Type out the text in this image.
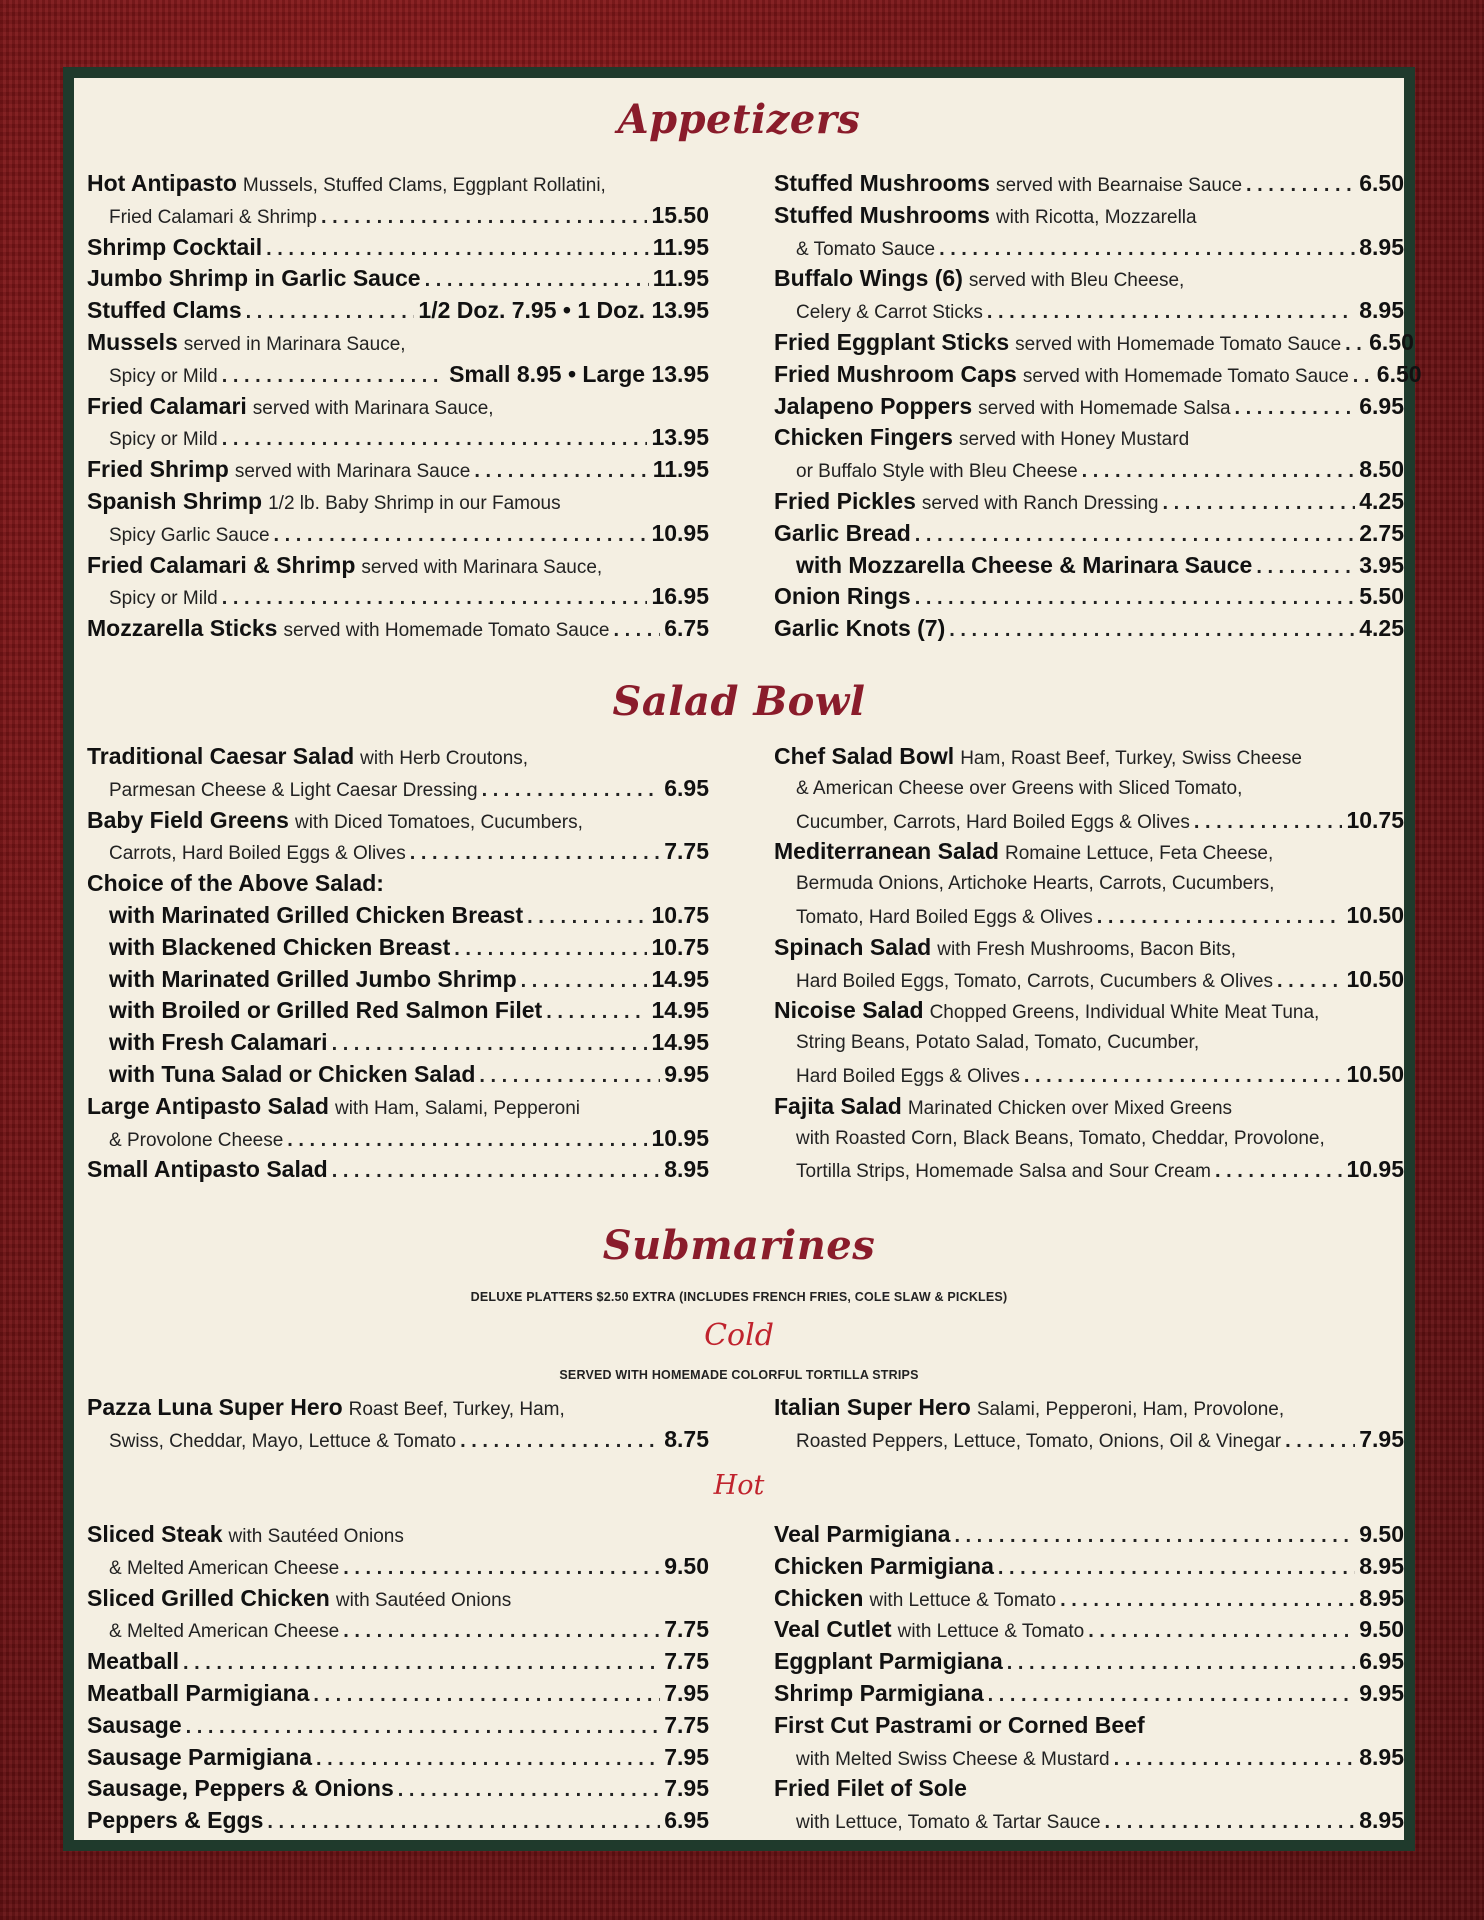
Appetizers
Hot Antipasto Mussels, Stuffed Clams, Eggplant Rollatini,
Fried Calamari & Shrimp . . .	15.50
Shrimp Cocktail . . .	11.95
Jumbo Shrimp in Garlic Sauce . . .	11.95
Stuffed Clams . . .	1/2 Doz. 7.95 • 1 Doz. 13.95
Mussels served in Marinara Sauce,
Spicy or Mild . . .	Small 8.95 • Large 13.95
Fried Calamari served with Marinara Sauce,
Spicy or Mild . . .	13.95
Fried Shrimp served with Marinara Sauce . . .	11.95
Spanish Shrimp 1/2 lb. Baby Shrimp in our Famous
Spicy Garlic Sauce . . .	10.95
Fried Calamari & Shrimp served with Marinara Sauce,
Spicy or Mild . . .	16.95
Mozzarella Sticks served with Homemade Tomato Sauce . . . 6.75
Stuffed Mushrooms served with Bearnaise Sauce . . .	6.50
Stuffed Mushrooms with Ricotta, Mozzarella
& Tomato Sauce . . .	8.95
Buffalo Wings (6) served with Bleu Cheese,
Celery & Carrot Sticks . . .	8.95
Fried Eggplant Sticks served with Homemade Tomato Sauce . . . 6.50
Fried Mushroom Caps served with Homemade Tomato Sauce . . . 6.50
Jalapeno Poppers served with Homemade Salsa . . .	6.95
Chicken Fingers served with Honey Mustard
or Buffalo Style with Bleu Cheese . . .	8.50
Fried Pickles served with Ranch Dressing . . .	4.25
Garlic Bread . . .	2.75
with Mozzarella Cheese & Marinara Sauce . . .	3.95
Onion Rings . . .	5.50
Garlic Knots (7) . . .	4.25
Salad Bowl
Traditional Caesar Salad with Herb Croutons,
Parmesan Cheese & Light Caesar Dressing . . .	6.95
Baby Field Greens with Diced Tomatoes, Cucumbers,
Carrots, Hard Boiled Eggs & Olives . . .	7.75
Choice of the Above Salad:
with Marinated Grilled Chicken Breast . . .	10.75
with Blackened Chicken Breast . . .	10.75
with Marinated Grilled Jumbo Shrimp . . .	14.95
with Broiled or Grilled Red Salmon Filet . . .	14.95
with Fresh Calamari . . .	14.95
with Tuna Salad or Chicken Salad . . .	9.95
Large Antipasto Salad with Ham, Salami, Pepperoni
& Provolone Cheese . . .	10.95
Small Antipasto Salad . . .	8.95
Chef Salad Bowl Ham, Roast Beef, Turkey, Swiss Cheese
& American Cheese over Greens with Sliced Tomato,
Cucumber, Carrots, Hard Boiled Eggs & Olives . . .	10.75
Mediterranean Salad Romaine Lettuce, Feta Cheese,
Bermuda Onions, Artichoke Hearts, Carrots, Cucumbers,
Tomato, Hard Boiled Eggs & Olives . . .	10.50
Spinach Salad with Fresh Mushrooms, Bacon Bits,
Hard Boiled Eggs, Tomato, Carrots, Cucumbers & Olives . . .	10.50
Nicoise Salad Chopped Greens, Individual White Meat Tuna,
String Beans, Potato Salad, Tomato, Cucumber,
Hard Boiled Eggs & Olives . . .	10.50
Fajita Salad Marinated Chicken over Mixed Greens
with Roasted Corn, Black Beans, Tomato, Cheddar, Provolone,
Tortilla Strips, Homemade Salsa and Sour Cream . . .	10.95
Submarines
DELUXE PLATTERS $2.50 EXTRA (INCLUDES FRENCH FRIES, COLE SLAW & PICKLES)
Cold
SERVED WITH HOMEMADE COLORFUL TORTILLA STRIPS
Pazza Luna Super Hero Roast Beef, Turkey, Ham,
Swiss, Cheddar, Mayo, Lettuce & Tomato . . .	8.75
Italian Super Hero Salami, Pepperoni, Ham, Provolone,
Roasted Peppers, Lettuce, Tomato, Onions, Oil & Vinegar . . .	7.95
Hot
Sliced Steak with Sautéed Onions
& Melted American Cheese . . .	9.50
Sliced Grilled Chicken with Sautéed Onions
& Melted American Cheese . . .	7.75
Meatball . . .	7.75
Meatball Parmigiana . . .	7.95
Sausage . . .	7.75
Sausage Parmigiana . . .	7.95
Sausage, Peppers & Onions . . .	7.95
Peppers & Eggs . . .	6.95
Veal Parmigiana . . .	9.50
Chicken Parmigiana . . .	8.95
Chicken with Lettuce & Tomato . . .	8.95
Veal Cutlet with Lettuce & Tomato . . .	9.50
Eggplant Parmigiana . . .	6.95
Shrimp Parmigiana . . .	9.95
First Cut Pastrami or Corned Beef
with Melted Swiss Cheese & Mustard . . .	8.95
Fried Filet of Sole
with Lettuce, Tomato & Tartar Sauce . . .	8.95
